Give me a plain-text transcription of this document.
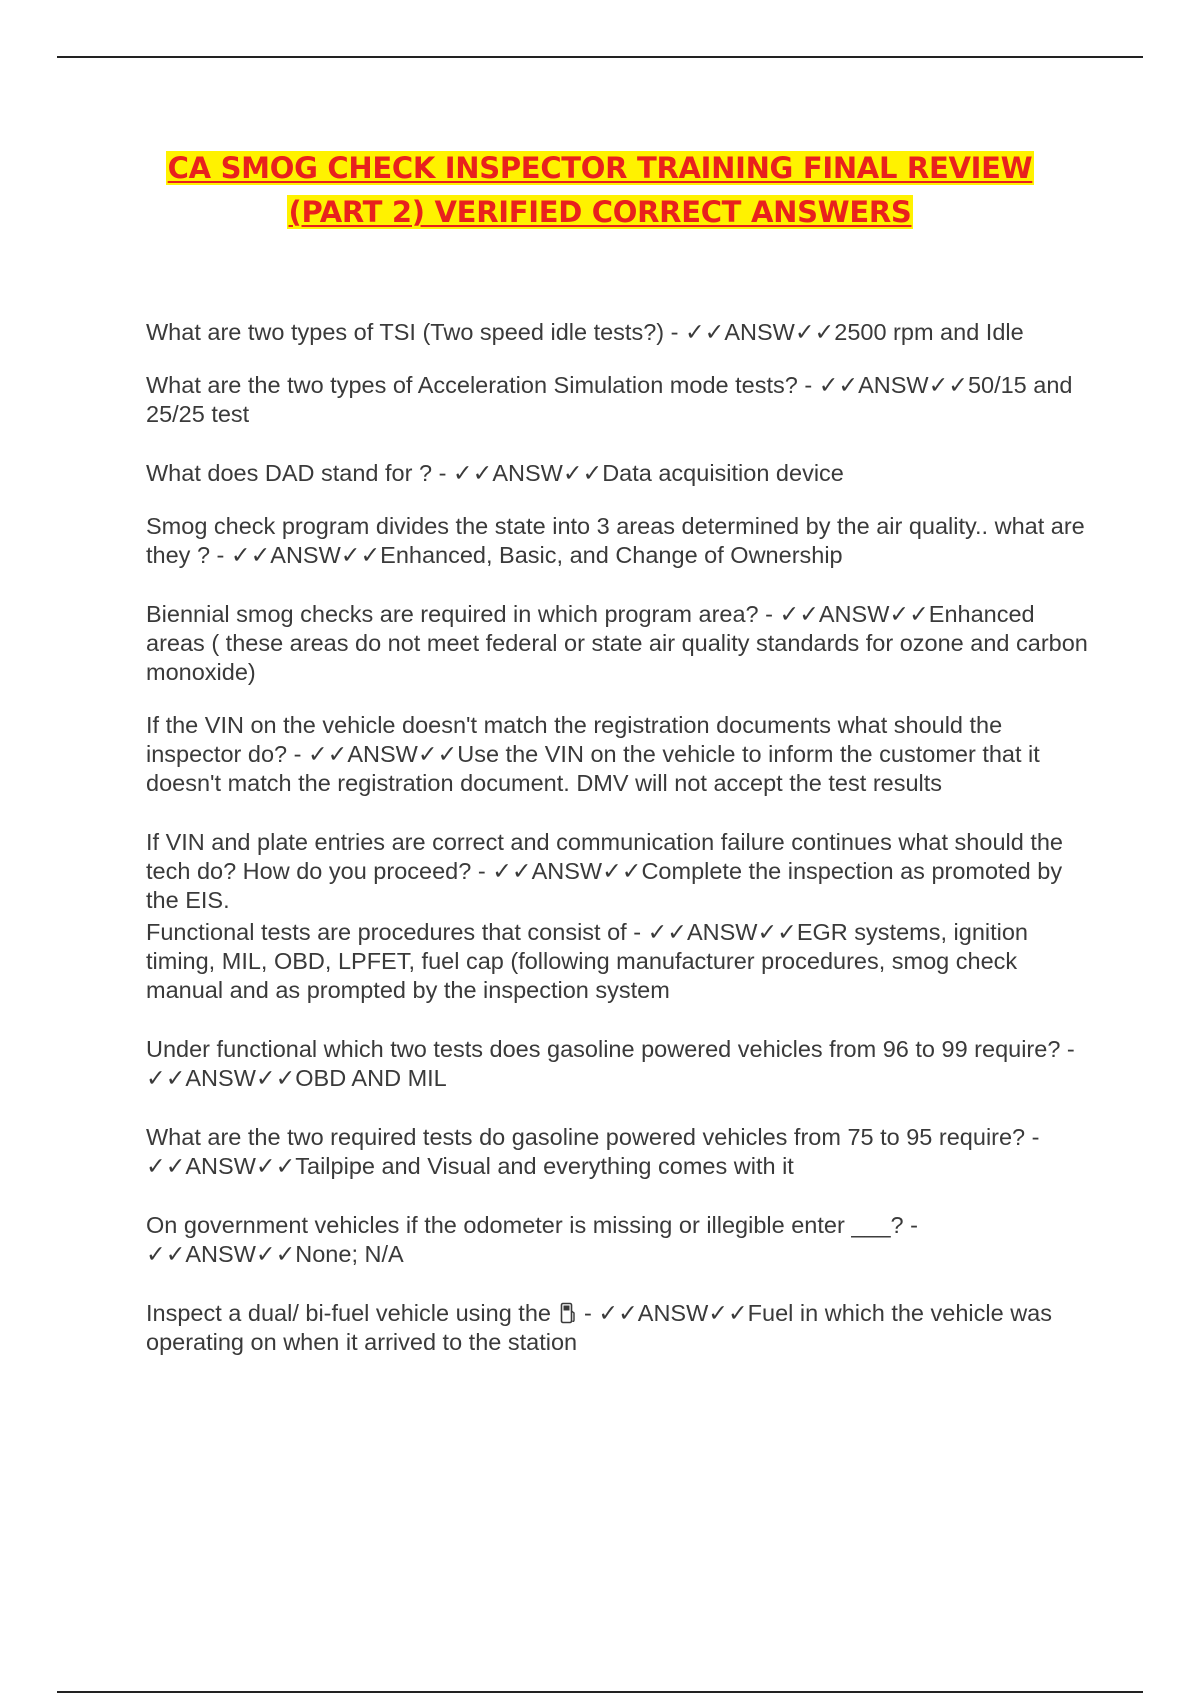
CA SMOG CHECK INSPECTOR TRAINING FINAL REVIEW
(PART 2) VERIFIED CORRECT ANSWERS

What are two types of TSI (Two speed idle tests?) - ✓✓ANSW✓✓2500 rpm and Idle

What are the two types of Acceleration Simulation mode tests? - ✓✓ANSW✓✓50/15 and 25/25 test

What does DAD stand for ? - ✓✓ANSW✓✓Data acquisition device

Smog check program divides the state into 3 areas determined by the air quality.. what are they ? - ✓✓ANSW✓✓Enhanced, Basic, and Change of Ownership

Biennial smog checks are required in which program area? - ✓✓ANSW✓✓Enhanced areas ( these areas do not meet federal or state air quality standards for ozone and carbon monoxide)

If the VIN on the vehicle doesn't match the registration documents what should the inspector do? - ✓✓ANSW✓✓Use the VIN on the vehicle to inform the customer that it doesn't match the registration document. DMV will not accept the test results

If VIN and plate entries are correct and communication failure continues what should the tech do? How do you proceed? - ✓✓ANSW✓✓Complete the inspection as promoted by the EIS.

Functional tests are procedures that consist of - ✓✓ANSW✓✓EGR systems, ignition timing, MIL, OBD, LPFET, fuel cap (following manufacturer procedures, smog check manual and as prompted by the inspection system

Under functional which two tests does gasoline powered vehicles from 96 to 99 require? - ✓✓ANSW✓✓OBD AND MIL

What are the two required tests do gasoline powered vehicles from 75 to 95 require? - ✓✓ANSW✓✓Tailpipe and Visual and everything comes with it

On government vehicles if the odometer is missing or illegible enter ___? - ✓✓ANSW✓✓None; N/A

Inspect a dual/ bi-fuel vehicle using the - ✓✓ANSW✓✓Fuel in which the vehicle was operating on when it arrived to the station
